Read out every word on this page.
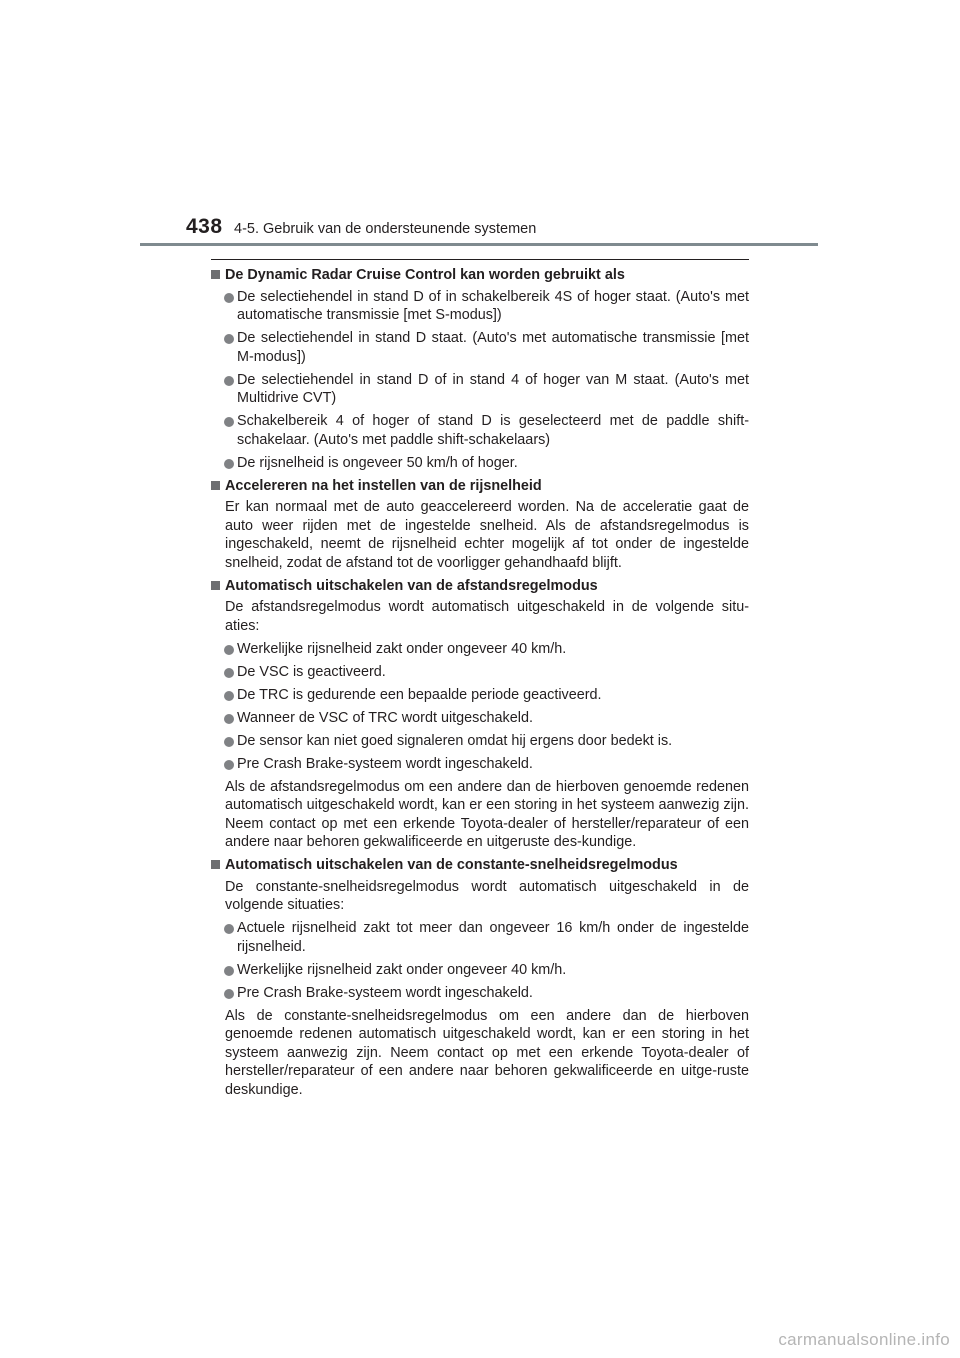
438 4-5. Gebruik van de ondersteunende systemen
De Dynamic Radar Cruise Control kan worden gebruikt als
De selectiehendel in stand D of in schakelbereik 4S of hoger staat. (Auto's met automatische transmissie [met S-modus])
De selectiehendel in stand D staat. (Auto's met automatische transmissie [met M-modus])
De selectiehendel in stand D of in stand 4 of hoger van M staat. (Auto's met Multidrive CVT)
Schakelbereik 4 of hoger of stand D is geselecteerd met de paddle shift-schakelaar. (Auto's met paddle shift-schakelaars)
De rijsnelheid is ongeveer 50 km/h of hoger.
Accelereren na het instellen van de rijsnelheid
Er kan normaal met de auto geaccelereerd worden. Na de acceleratie gaat de auto weer rijden met de ingestelde snelheid. Als de afstandsregelmodus is ingeschakeld, neemt de rijsnelheid echter mogelijk af tot onder de ingestelde snelheid, zodat de afstand tot de voorligger gehandhaafd blijft.
Automatisch uitschakelen van de afstandsregelmodus
De afstandsregelmodus wordt automatisch uitgeschakeld in de volgende situ-aties:
Werkelijke rijsnelheid zakt onder ongeveer 40 km/h.
De VSC is geactiveerd.
De TRC is gedurende een bepaalde periode geactiveerd.
Wanneer de VSC of TRC wordt uitgeschakeld.
De sensor kan niet goed signaleren omdat hij ergens door bedekt is.
Pre Crash Brake-systeem wordt ingeschakeld.
Als de afstandsregelmodus om een andere dan de hierboven genoemde redenen automatisch uitgeschakeld wordt, kan er een storing in het systeem aanwezig zijn. Neem contact op met een erkende Toyota-dealer of hersteller/reparateur of een andere naar behoren gekwalificeerde en uitgeruste des-kundige.
Automatisch uitschakelen van de constante-snelheidsregelmodus
De constante-snelheidsregelmodus wordt automatisch uitgeschakeld in de volgende situaties:
Actuele rijsnelheid zakt tot meer dan ongeveer 16 km/h onder de ingestelde rijsnelheid.
Werkelijke rijsnelheid zakt onder ongeveer 40 km/h.
Pre Crash Brake-systeem wordt ingeschakeld.
Als de constante-snelheidsregelmodus om een andere dan de hierboven genoemde redenen automatisch uitgeschakeld wordt, kan er een storing in het systeem aanwezig zijn. Neem contact op met een erkende Toyota-dealer of hersteller/reparateur of een andere naar behoren gekwalificeerde en uitge-ruste deskundige.
carmanualsonline.info
